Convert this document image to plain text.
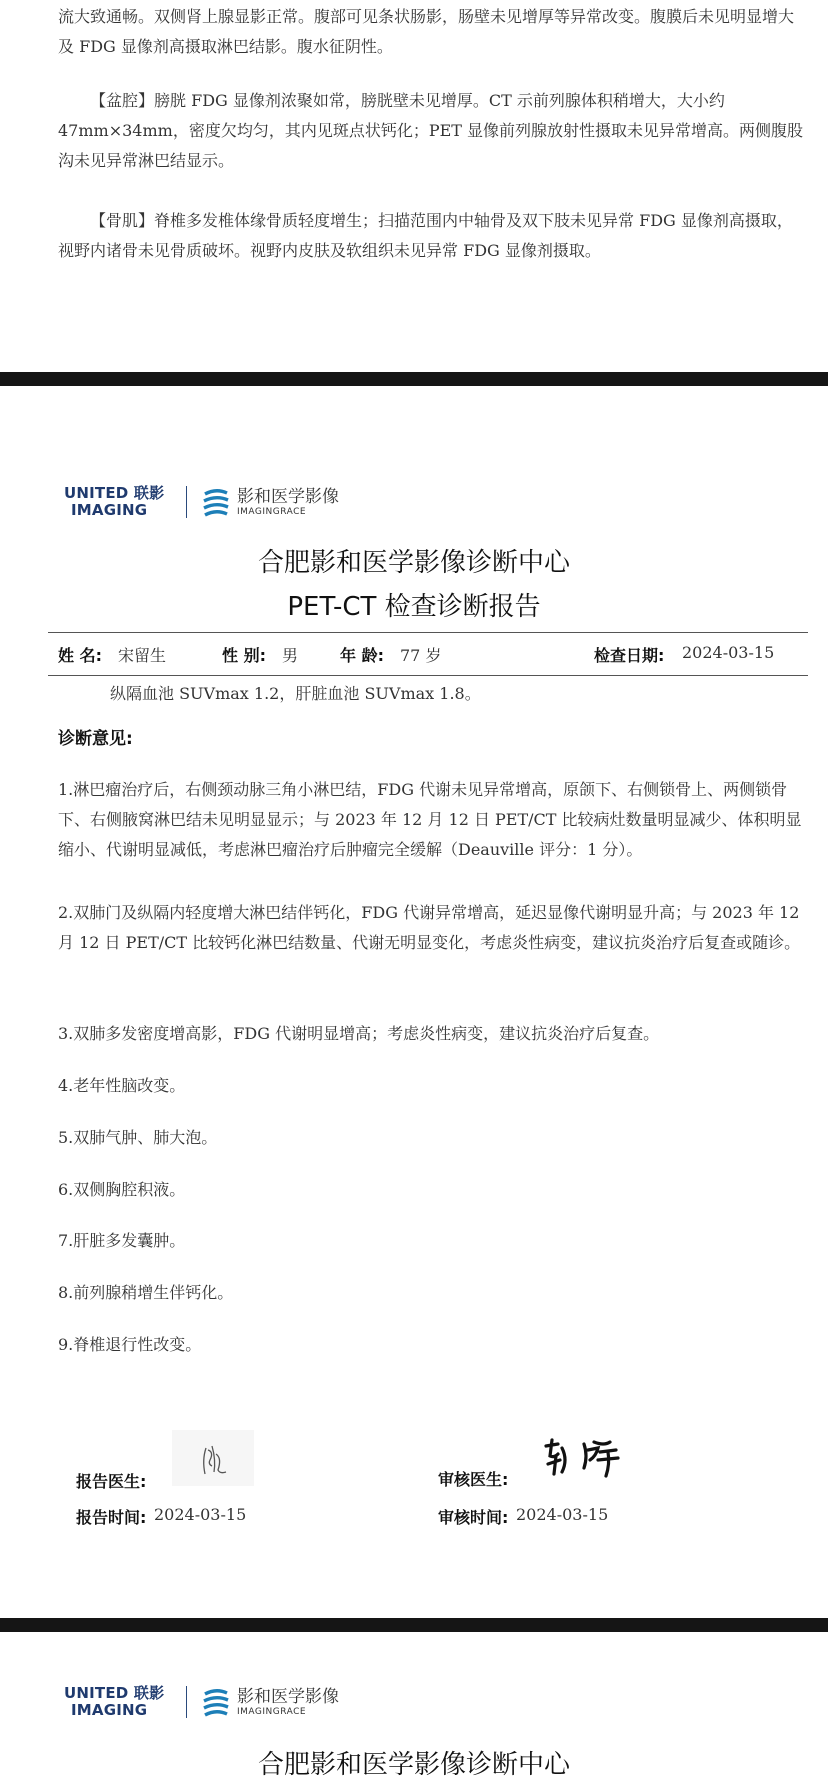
流大致通畅。双侧肾上腺显影正常。腹部可见条状肠影，肠壁未见增厚等异常改变。腹膜后未见明显增大及 FDG 显像剂高摄取淋巴结影。腹水征阴性。
【盆腔】膀胱 FDG 显像剂浓聚如常，膀胱壁未见增厚。CT 示前列腺体积稍增大，大小约 47mm×34mm，密度欠均匀，其内见斑点状钙化；PET 显像前列腺放射性摄取未见异常增高。两侧腹股沟未见异常淋巴结显示。
【骨肌】脊椎多发椎体缘骨质轻度增生；扫描范围内中轴骨及双下肢未见异常 FDG 显像剂高摄取，视野内诸骨未见骨质破坏。视野内皮肤及软组织未见异常 FDG 显像剂摄取。
UNITED 联影
IMAGING
影和医学影像
IMAGINGRACE
合肥影和医学影像诊断中心
PET-CT 检查诊断报告
姓 名: 宋留生	性 别: 男	年 龄: 77 岁	检查日期: 2024-03-15
纵隔血池 SUVmax 1.2，肝脏血池 SUVmax 1.8。
诊断意见:
1.淋巴瘤治疗后，右侧颈动脉三角小淋巴结，FDG 代谢未见异常增高，原颌下、右侧锁骨上、两侧锁骨下、右侧腋窝淋巴结未见明显显示；与 2023 年 12 月 12 日 PET/CT 比较病灶数量明显减少、体积明显缩小、代谢明显减低，考虑淋巴瘤治疗后肿瘤完全缓解（Deauville 评分：1 分）。
2.双肺门及纵隔内轻度增大淋巴结伴钙化，FDG 代谢异常增高，延迟显像代谢明显升高；与 2023 年 12 月 12 日 PET/CT 比较钙化淋巴结数量、代谢无明显变化，考虑炎性病变，建议抗炎治疗后复查或随诊。
3.双肺多发密度增高影，FDG 代谢明显增高；考虑炎性病变，建议抗炎治疗后复查。
4.老年性脑改变。
5.双肺气肿、肺大泡。
6.双侧胸腔积液。
7.肝脏多发囊肿。
8.前列腺稍增生伴钙化。
9.脊椎退行性改变。
报告医生:	审核医生:
报告时间: 2024-03-15	审核时间: 2024-03-15
UNITED 联影
IMAGING
影和医学影像
IMAGINGRACE
合肥影和医学影像诊断中心
